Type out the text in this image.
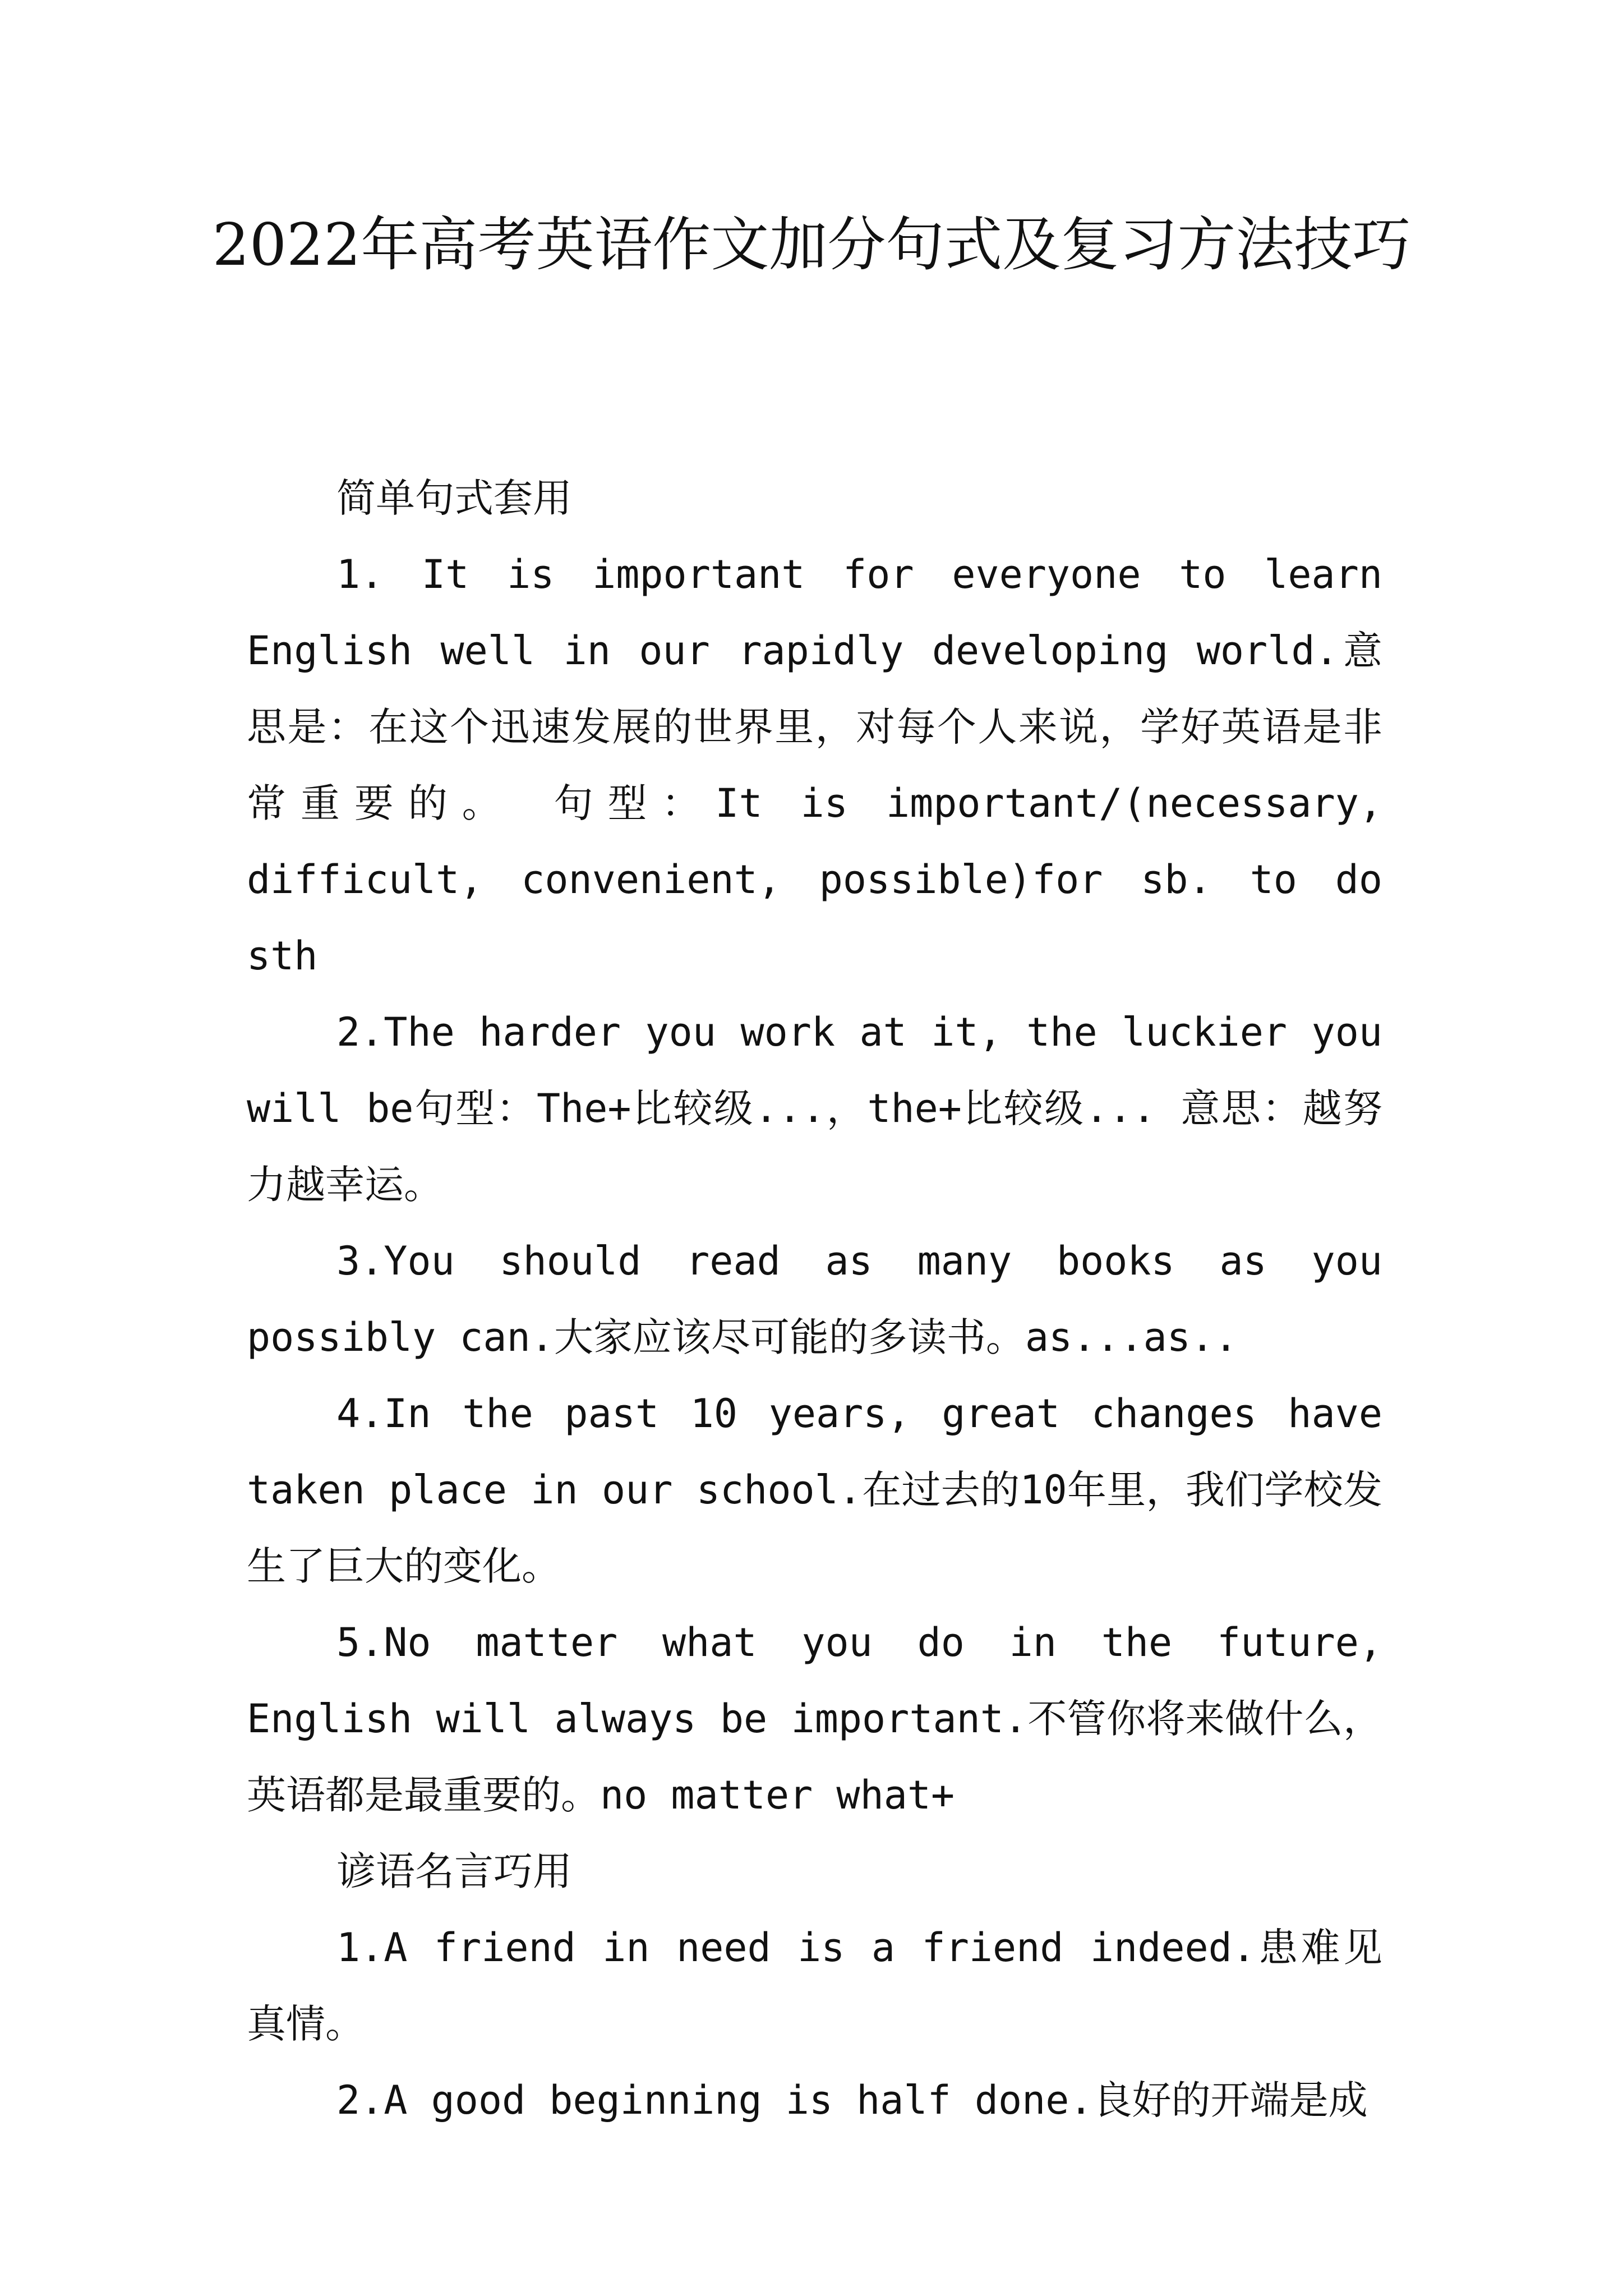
2022年高考英语作文加分句式及复习方法技巧

简单句式套用

1. It is important for everyone to learn English well in our rapidly developing world.意思是：在这个迅速发展的世界里，对每个人来说，学好英语是非常重要的。 句型：It is important/(necessary, difficult, convenient, possible)for sb. to do sth

2.The harder you work at it, the luckier you will be句型：The+比较级...，the+比较级... 意思：越努力越幸运。

3.You should read as many books as you possibly can.大家应该尽可能的多读书。as...as..

4.In the past 10 years, great changes have taken place in our school.在过去的10年里，我们学校发生了巨大的变化。

5.No matter what you do in the future, English will always be important.不管你将来做什么，英语都是最重要的。no matter what+

谚语名言巧用

1.A friend in need is a friend indeed.患难见真情。

2.A good beginning is half done.良好的开端是成
